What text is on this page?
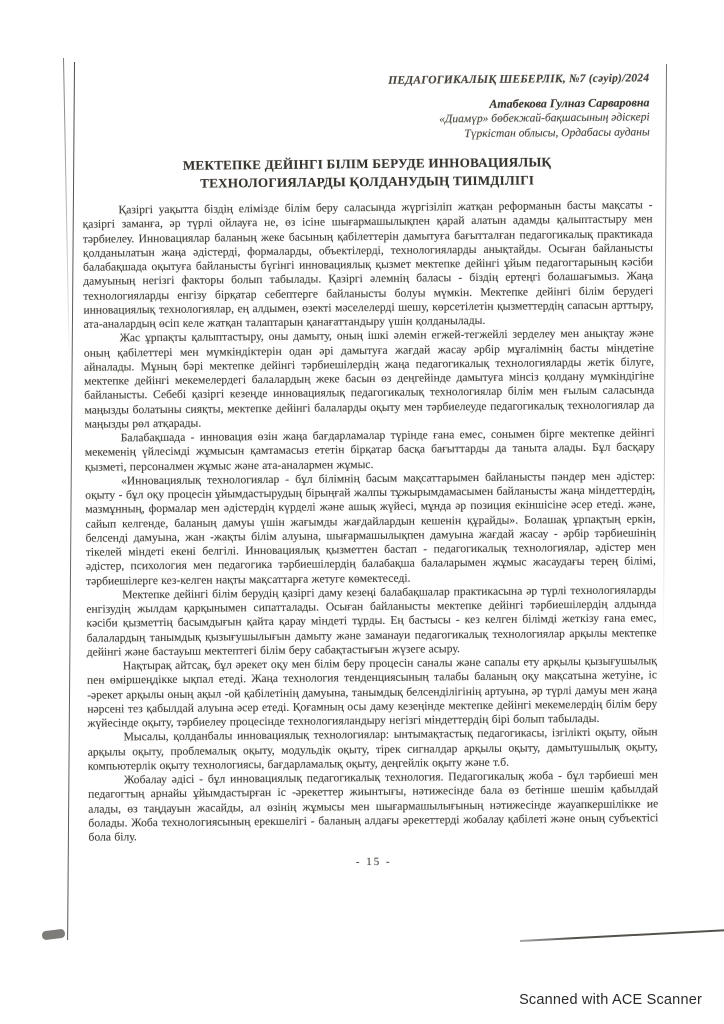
ПЕДАГОГИКАЛЫҚ ШЕБЕРЛІК, №7 (сәуір)/2024
Атабекова Гулназ Сарваровна
«Диамүр» бөбекжай-бақшасының әдіскері
Түркістан облысы, Ордабасы ауданы
МЕКТЕПКЕ ДЕЙІНГІ БІЛІМ БЕРУДЕ ИННОВАЦИЯЛЫҚ ТЕХНОЛОГИЯЛАРДЫ ҚОЛДАНУДЫҢ ТИІМДІЛІГІ

Қазіргі уақытта біздің елімізде білім беру саласында жүргізіліп жатқан реформанын басты мақсаты - қазіргі заманға, әр түрлі ойлауға не, өз ісіне шығармашылықпен қарай алатын адамды қалыптастыру мен тәрбиелеу. Инновациялар баланың жеке басының қабілеттерін дамытуға бағытталған педагогикалық практикада қолданылатын жаңа әдістерді, формаларды, объектілерді, технологияларды анықтайды. Осыған байланысты балабақшада оқытуға байланысты бүгінгі инновациялық қызмет мектепке дейінгі ұйым педагогтарының кәсіби дамуының негізгі факторы болып табылады. Қазіргі әлемнің баласы - біздің ертеңгі болашағымыз. Жаңа технологияларды енгізу бірқатар себептерге байланысты болуы мүмкін. Мектепке дейінгі білім берудегі инновациялық технологиялар, ең алдымен, өзекті мәселелерді шешу, көрсетілетін қызметтердің сапасын арттыру, ата-аналардың өсіп келе жатқан талаптарын қанағаттандыру үшін қолданылады.

Жас ұрпақты қалыптастыру, оны дамыту, оның ішкі әлемін егжей-тегжейлі зерделеу мен анықтау және оның қабілеттері мен мүмкіндіктерін одан әрі дамытуға жағдай жасау әрбір мұғалімнің басты міндетіне айналады. Мұның бәрі мектепке дейінгі тәрбиешілердің жаңа педагогикалық технологияларды жетік білуге, мектепке дейінгі мекемелердегі балалардың жеке басын өз деңгейінде дамытуға мінсіз қолдану мүмкіндігіне байланысты. Себебі қазіргі кезеңде инновациялық педагогикалық технологиялар білім мен ғылым саласында маңызды болатыны сияқты, мектепке дейінгі балаларды оқыту мен тәрбиелеуде педагогикалық технологиялар да маңызды рөл атқарады.

Балабақшада - инновация өзін жаңа бағдарламалар түрінде ғана емес, сонымен бірге мектепке дейінгі мекеменің үйлесімді жұмысын қамтамасыз ететін бірқатар басқа бағыттарды да таныта алады. Бұл басқару қызметі, персоналмен жұмыс және ата-аналармен жұмыс.

«Инновациялық технологиялар - бұл білімнің басым мақсаттарымен байланысты пәндер мен әдістер: оқыту - бұл оқу процесін ұйымдастырудың бірыңғай жалпы тұжырымдамасымен байланысты жаңа міндеттердің, мазмұнның, формалар мен әдістердің күрделі және ашық жүйесі, мұнда әр позиция екіншісіне әсер етеді. және, сайып келгенде, баланың дамуы үшін жағымды жағдайлардын кешенін құрайды». Болашақ ұрпақтың еркін, белсенді дамуына, жан -жақты білім алуына, шығармашылықпен дамуына жағдай жасау - әрбір тәрбиешінің тікелей міндеті екені белгілі. Инновациялық қызметтен бастап - педагогикалық технологиялар, әдістер мен әдістер, психология мен педагогика тәрбиешілердің балабақша балаларымен жұмыс жасаудағы терең білімі, тәрбиешілерге кез-келген нақты мақсаттарға жетуге көмектеседі.

Мектепке дейінгі білім берудің қазіргі даму кезеңі балабақшалар практикасына әр түрлі технологияларды енгізудің жылдам қарқынымен сипатталады. Осыған байланысты мектепке дейінгі тәрбиешілердің алдында кәсіби қызметтің басымдығын қайта қарау міндеті тұрды. Ең бастысы - кез келген білімді жеткізу ғана емес, балалардың танымдық қызығушылығын дамыту және заманауи педагогикалық технологиялар арқылы мектепке дейінгі және бастауыш мектептегі білім беру сабақтастығын жүзеге асыру.

Нақтырақ айтсақ, бұл әрекет оқу мен білім беру процесін саналы және сапалы ету арқылы қызығушылық пен өміршеңдікке ықпал етеді. Жаңа технология тенденциясының талабы баланың оқу мақсатына жетуіне, іс -әрекет арқылы оның ақыл -ой қабілетінің дамуына, танымдық белсенділігінің артуына, әр түрлі дамуы мен жаңа нәрсені тез қабылдай алуына әсер етеді. Қоғамның осы даму кезеңінде мектепке дейінгі мекемелердің білім беру жүйесінде оқыту, тәрбиелеу процесінде технологияландыру негізгі міндеттердің бірі болып табылады.

Мысалы, қолданбалы инновациялық технологиялар: ынтымақтастық педагогикасы, ізгілікті оқыту, ойын арқылы оқыту, проблемалық оқыту, модульдік оқыту, тірек сигналдар арқылы оқыту, дамытушылық оқыту, компьютерлік оқыту технологиясы, бағдарламалық оқыту, деңгейлік оқыту және т.б.

Жобалау әдісі - бұл инновациялық педагогикалық технология. Педагогикалық жоба - бұл тәрбиеші мен педагогтың арнайы ұйымдастырған іс -әрекеттер жиынтығы, нәтижесінде бала өз бетінше шешім қабылдай алады, өз таңдауын жасайды, ал өзінің жұмысы мен шығармашылығының нәтижесінде жауапкершілікке ие болады. Жоба технологиясының ерекшелігі - баланың алдағы әрекеттерді жобалау қабілеті және оның субъектісі бола білу.

- 15 -
Scanned with ACE Scanner
